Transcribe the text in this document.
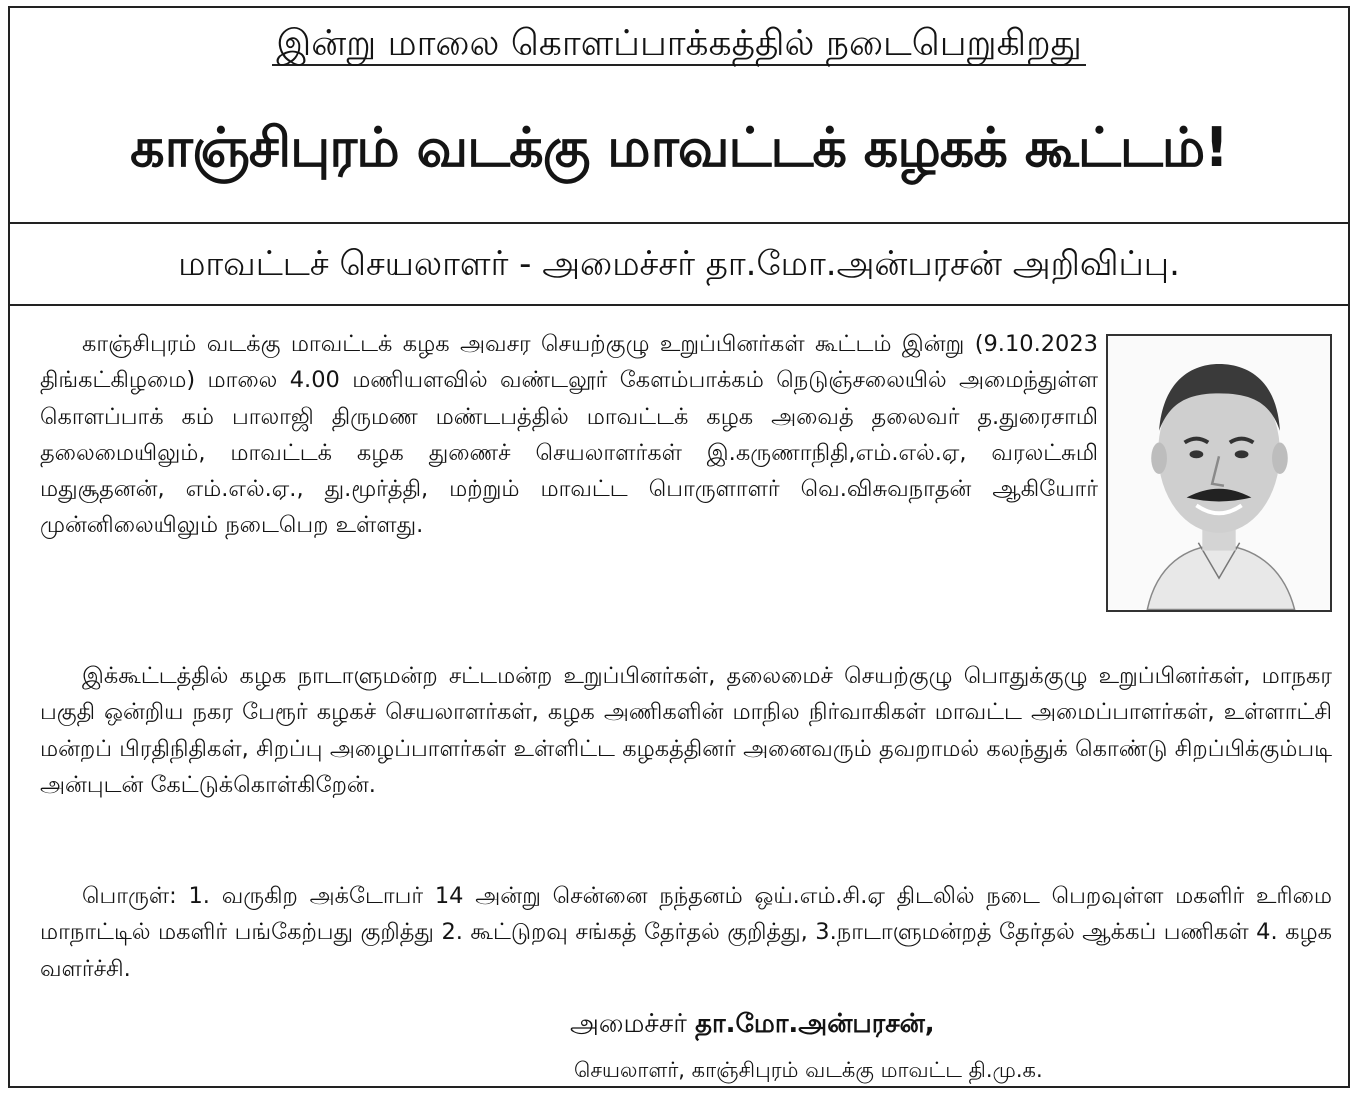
இன்று மாலை கொளப்பாக்கத்தில் நடைபெறுகிறது
காஞ்சிபுரம் வடக்கு மாவட்டக் கழகக் கூட்டம்!
மாவட்டச் செயலாளர் - அமைச்சர் தா.மோ.அன்பரசன் அறிவிப்பு.

காஞ்சிபுரம் வடக்கு மாவட்டக் கழக அவசர செயற்குழு உறுப்பினர்கள் கூட்டம் இன்று (9.10.2023 திங்கட்கிழமை) மாலை 4.00 மணியளவில் வண்டலூர் கேளம்பாக்கம் நெடுஞ்சலையில் அமைந்துள்ள கொளப்பாக் கம் பாலாஜி திருமண மண்டபத்தில் மாவட்டக் கழக அவைத் தலைவர் த.துரைசாமி தலைமையிலும், மாவட்டக் கழக துணைச் செயலாளர்கள் இ.கருணாநிதி,எம்.எல்.ஏ, வரலட்சுமி மதுசூதனன், எம்.எல்.ஏ., து.மூர்த்தி, மற்றும் மாவட்ட பொருளாளர் வெ.விசுவநாதன் ஆகியோர் முன்னிலையிலும் நடைபெற உள்ளது.

இக்கூட்டத்தில் கழக நாடாளுமன்ற சட்டமன்ற உறுப்பினர்கள், தலைமைச் செயற்குழு பொதுக்குழு உறுப்பினர்கள், மாநகர பகுதி ஒன்றிய நகர பேரூர் கழகச் செயலாளர்கள், கழக அணிகளின் மாநில நிர்வாகிகள் மாவட்ட அமைப்பாளர்கள், உள்ளாட்சி மன்றப் பிரதிநிதிகள், சிறப்பு அழைப்பாளர்கள் உள்ளிட்ட கழகத்தினர் அனைவரும் தவறாமல் கலந்துக் கொண்டு சிறப்பிக்கும்படி அன்புடன் கேட்டுக்கொள்கிறேன்.

பொருள்: 1. வருகிற அக்டோபர் 14 அன்று சென்னை நந்தனம் ஒய்.எம்.சி.ஏ திடலில் நடை பெறவுள்ள மகளிர் உரிமை மாநாட்டில் மகளிர் பங்கேற்பது குறித்து 2. கூட்டுறவு சங்கத் தேர்தல் குறித்து, 3.நாடாளுமன்றத் தேர்தல் ஆக்கப் பணிகள் 4. கழக வளர்ச்சி.

அமைச்சர் தா.மோ.அன்பரசன்,
செயலாளர், காஞ்சிபுரம் வடக்கு மாவட்ட தி.மு.க.
